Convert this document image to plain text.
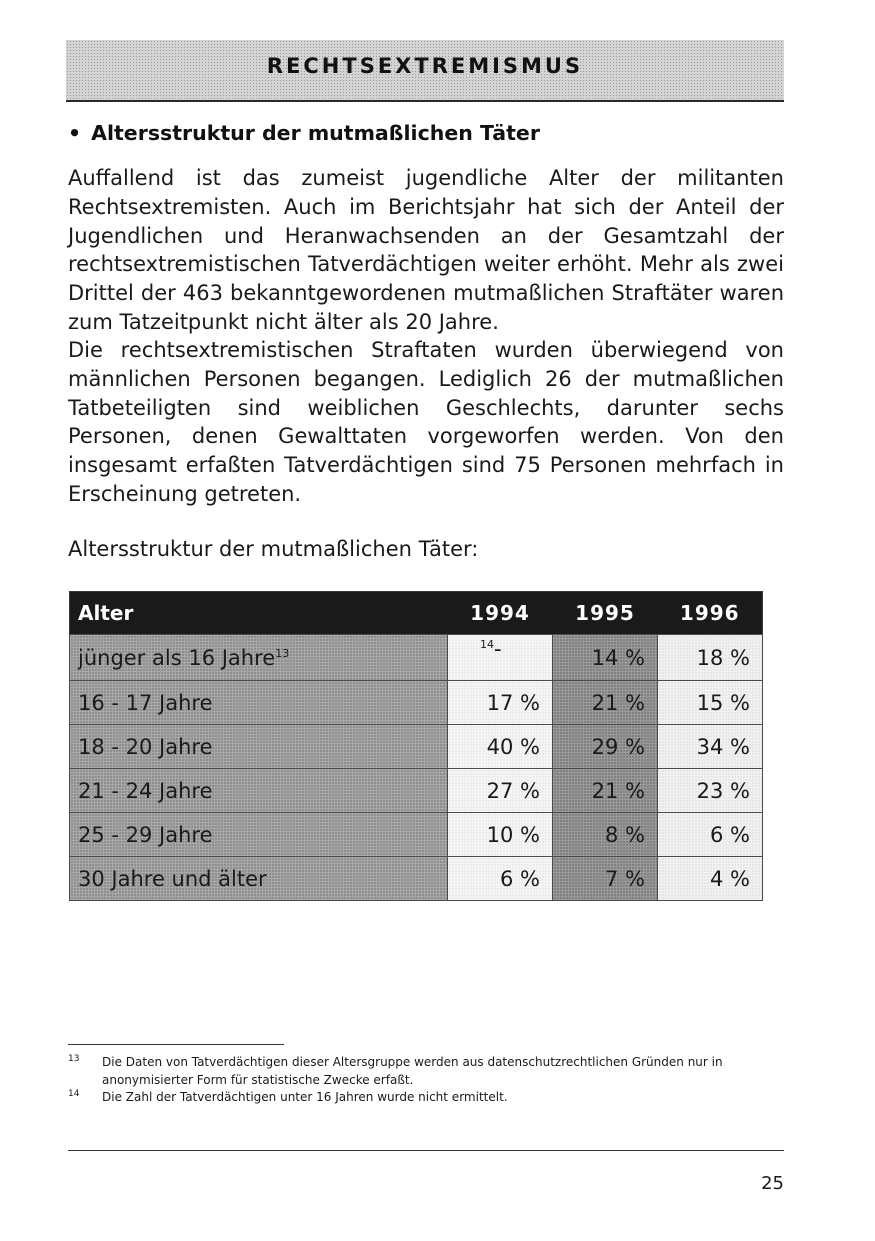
RECHTSEXTREMISMUS
• Altersstruktur der mutmaßlichen Täter
Auffallend ist das zumeist jugendliche Alter der militanten Rechtsextremisten. Auch im Berichtsjahr hat sich der Anteil der Jugendlichen und Heranwachsenden an der Gesamtzahl der rechtsextremistischen Tatverdächtigen weiter erhöht. Mehr als zwei Drittel der 463 bekanntgewordenen mutmaßlichen Straftäter waren zum Tatzeitpunkt nicht älter als 20 Jahre.
Die rechtsextremistischen Straftaten wurden überwiegend von männlichen Personen begangen. Lediglich 26 der mutmaßlichen Tatbeteiligten sind weiblichen Geschlechts, darunter sechs Personen, denen Gewalttaten vorgeworfen werden. Von den insgesamt erfaßten Tatverdächtigen sind 75 Personen mehrfach in Erscheinung getreten.
Altersstruktur der mutmaßlichen Täter:
Alter	1994	1995	1996
jünger als 16 Jahre$^{13}$	$^{14}$-	14 %	18 %
16 - 17 Jahre	17 %	21 %	15 %
18 - 20 Jahre	40 %	29 %	34 %
21 - 24 Jahre	27 %	21 %	23 %
25 - 29 Jahre	10 %	8 %	6 %
30 Jahre und älter	6 %	7 %	4 %
13 Die Daten von Tatverdächtigen dieser Altersgruppe werden aus datenschutzrechtlichen Gründen nur in anonymisierter Form für statistische Zwecke erfaßt.
14 Die Zahl der Tatverdächtigen unter 16 Jahren wurde nicht ermittelt.
25
